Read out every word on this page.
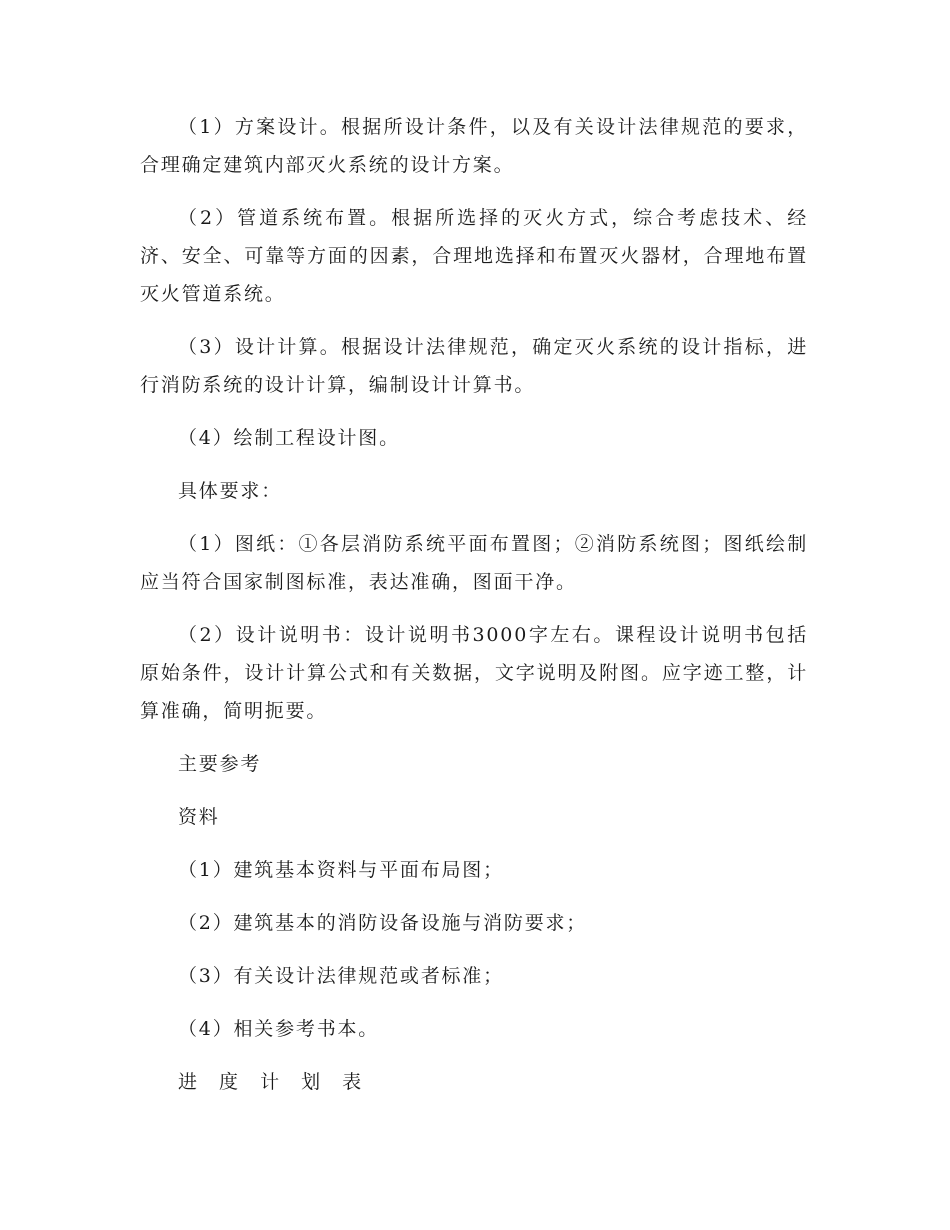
（1）方案设计。根据所设计条件，以及有关设计法律规范的要求，合理确定建筑内部灭火系统的设计方案。

（2）管道系统布置。根据所选择的灭火方式，综合考虑技术、经济、安全、可靠等方面的因素，合理地选择和布置灭火器材，合理地布置灭火管道系统。

（3）设计计算。根据设计法律规范，确定灭火系统的设计指标，进行消防系统的设计计算，编制设计计算书。

（4）绘制工程设计图。

具体要求：

（1）图纸：①各层消防系统平面布置图；②消防系统图；图纸绘制应当符合国家制图标准，表达准确，图面干净。

（2）设计说明书：设计说明书3000字左右。课程设计说明书包括原始条件，设计计算公式和有关数据，文字说明及附图。应字迹工整，计算准确，简明扼要。

主要参考

资料

（1）建筑基本资料与平面布局图；

（2）建筑基本的消防设备设施与消防要求；

（3）有关设计法律规范或者标准；

（4）相关参考书本。

进 度 计 划 表
